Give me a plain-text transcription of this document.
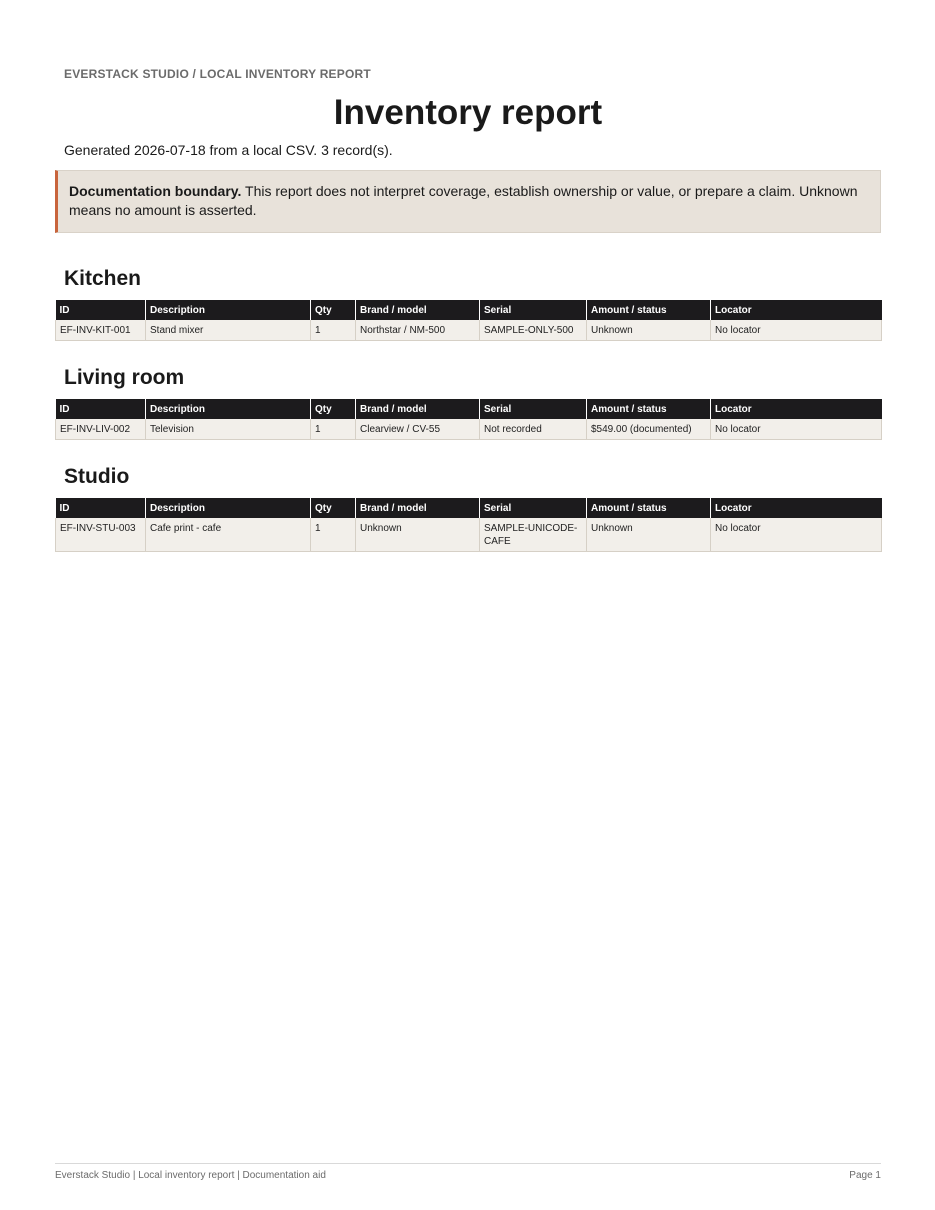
EVERSTACK STUDIO / LOCAL INVENTORY REPORT
Inventory report
Generated 2026-07-18 from a local CSV. 3 record(s).
Documentation boundary. This report does not interpret coverage, establish ownership or value, or prepare a claim. Unknown means no amount is asserted.
Kitchen
ID	Description	Qty	Brand / model	Serial	Amount / status	Locator
EF-INV-KIT-001	Stand mixer	1	Northstar / NM-500	SAMPLE-ONLY-500	Unknown	No locator
Living room
ID	Description	Qty	Brand / model	Serial	Amount / status	Locator
EF-INV-LIV-002	Television	1	Clearview / CV-55	Not recorded	$549.00 (documented)	No locator
Studio
ID	Description	Qty	Brand / model	Serial	Amount / status	Locator
EF-INV-STU-003	Cafe print - cafe	1	Unknown	SAMPLE-UNICODE-CAFE	Unknown	No locator
Everstack Studio | Local inventory report | Documentation aid	Page 1
